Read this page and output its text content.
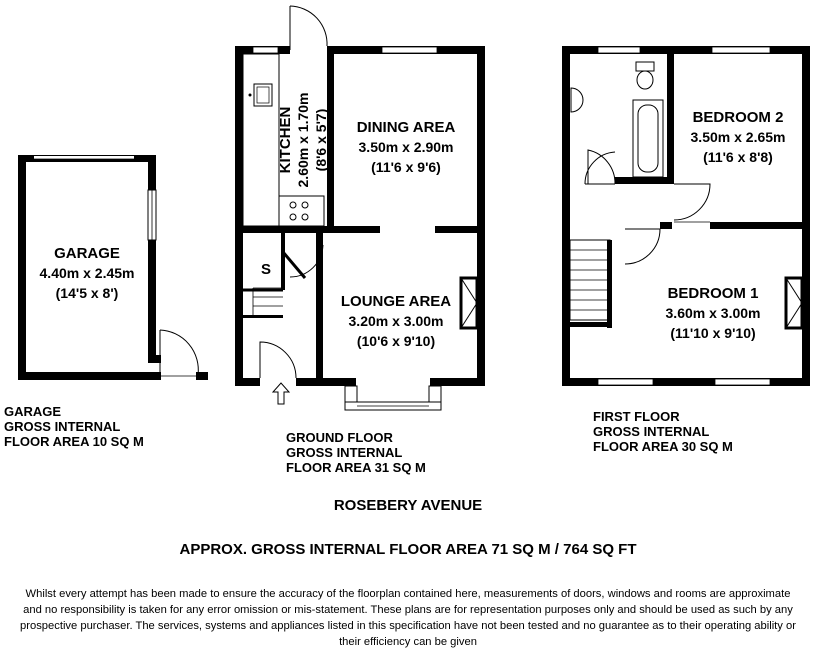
GARAGE
4.40m x 2.45m
(14'5 x 8')
S
KITCHEN 2.60m x 1.70m (8'6 x 5'7) DINING AREA
3.50m x 2.90m
(11'6 x 9'6)
LOUNGE AREA
3.20m x 3.00m
(10'6 x 9'10)
BEDROOM 2
3.50m x 2.65m
(11'6 x 8'8)
BEDROOM 1
3.60m x 3.00m
(11'10 x 9'10)
GARAGE
GROSS INTERNAL
FLOOR AREA 10 SQ M	GROUND FLOOR
GROSS INTERNAL
FLOOR AREA 31 SQ M
FIRST FLOOR
GROSS INTERNAL
FLOOR AREA 30 SQ M
ROSEBERY AVENUE
APPROX. GROSS INTERNAL FLOOR AREA 71 SQ M / 764 SQ FT
Whilst every attempt has been made to ensure the accuracy of the floorplan contained here, measurements of doors, windows and rooms are approximate and no responsibility is taken for any error omission or mis-statement. These plans are for representation purposes only and should be used as such by any prospective purchaser. The services, systems and appliances listed in this specification have not been tested and no guarantee as to their operating ability or their efficiency can be given
